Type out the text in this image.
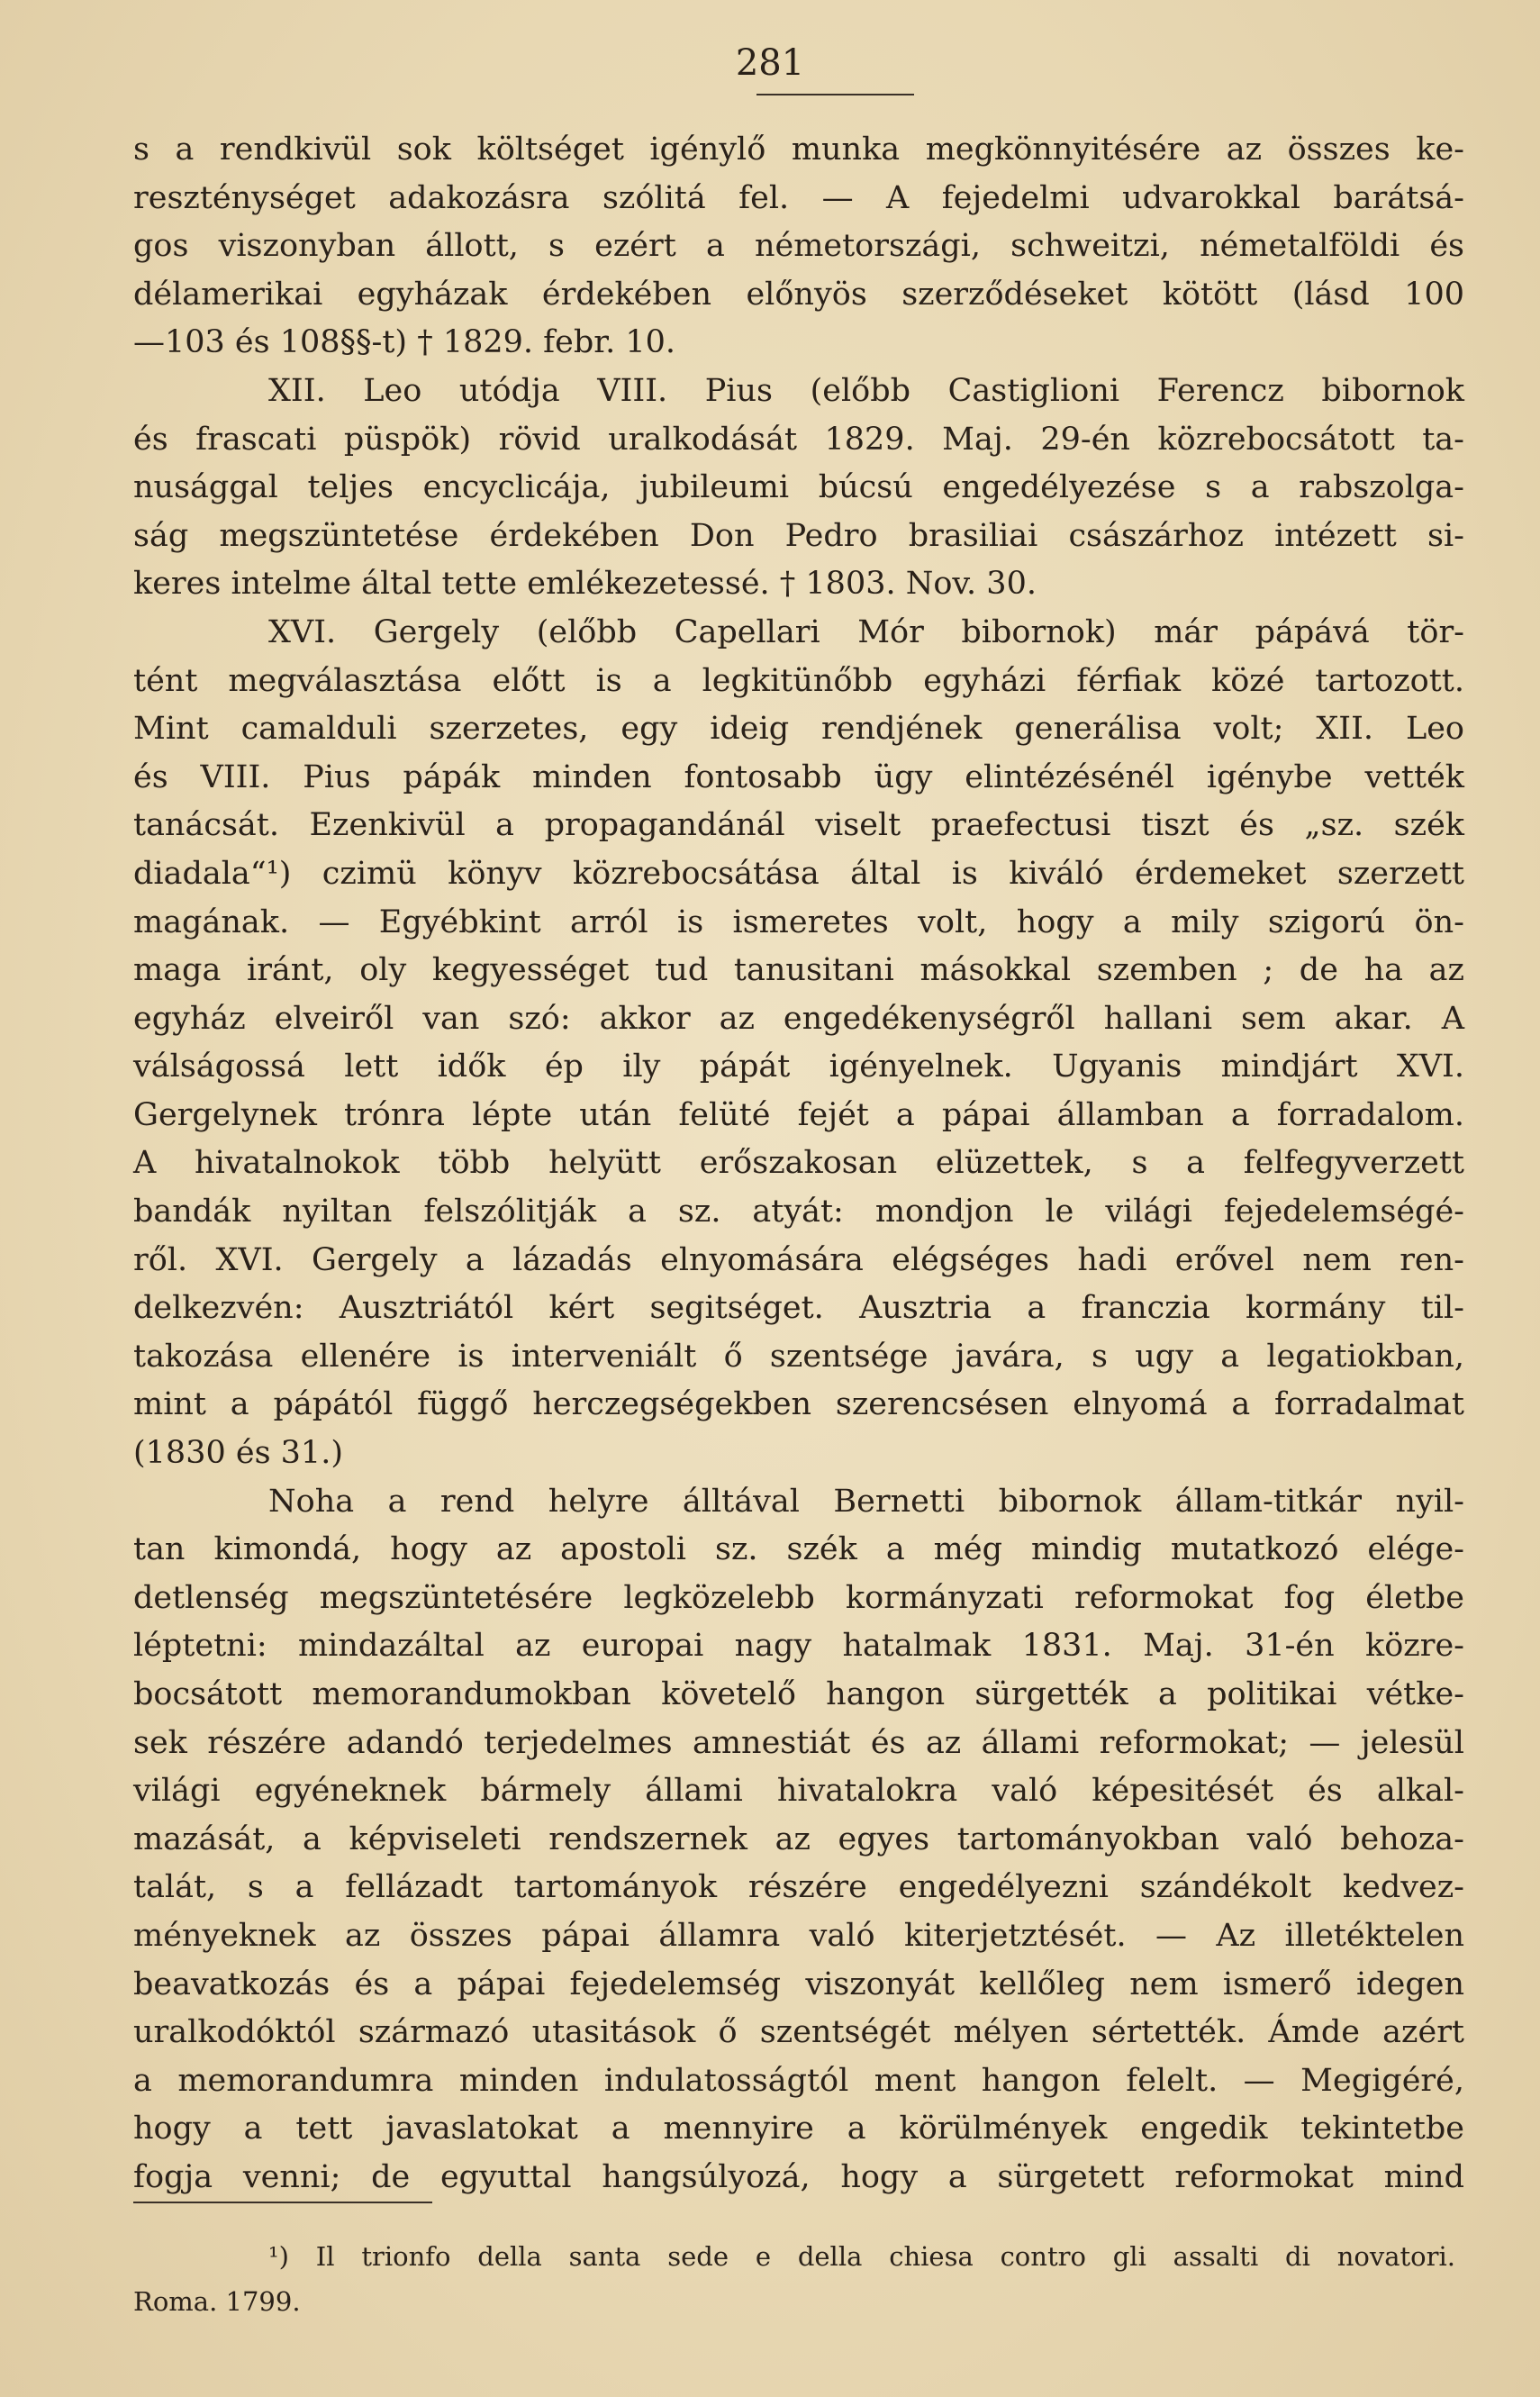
281
s a rendkivül sok költséget igénylő munka megkönnyitésére az összes ke-
reszténységet adakozásra szólitá fel. — A fejedelmi udvarokkal barátsá-
gos viszonyban állott, s ezért a németországi, schweitzi, németalföldi és
délamerikai egyházak érdekében előnyös szerződéseket kötött (lásd 100
—103 és 108§§-t) † 1829. febr. 10.
XII. Leo utódja VIII. Pius (előbb Castiglioni Ferencz bibornok
és frascati püspök) rövid uralkodását 1829. Maj. 29-én közrebocsátott ta-
nusággal teljes encyclicája, jubileumi búcsú engedélyezése s a rabszolga-
ság megszüntetése érdekében Don Pedro brasiliai császárhoz intézett si-
keres intelme által tette emlékezetessé. † 1803. Nov. 30.
XVI. Gergely (előbb Capellari Mór bibornok) már pápává tör-
tént megválasztása előtt is a legkitünőbb egyházi férfiak közé tartozott.
Mint camalduli szerzetes, egy ideig rendjének generálisa volt; XII. Leo
és VIII. Pius pápák minden fontosabb ügy elintézésénél igénybe vették
tanácsát. Ezenkivül a propagandánál viselt praefectusi tiszt és „sz. szék
diadala“¹) czimü könyv közrebocsátása által is kiváló érdemeket szerzett
magának. — Egyébkint arról is ismeretes volt, hogy a mily szigorú ön-
maga iránt, oly kegyességet tud tanusitani másokkal szemben ; de ha az
egyház elveiről van szó: akkor az engedékenységről hallani sem akar. A
válságossá lett idők ép ily pápát igényelnek. Ugyanis mindjárt XVI.
Gergelynek trónra lépte után felüté fejét a pápai államban a forradalom.
A hivatalnokok több helyütt erőszakosan elüzettek, s a felfegyverzett
bandák nyiltan felszólitják a sz. atyát: mondjon le világi fejedelemségé-
ről. XVI. Gergely a lázadás elnyomására elégséges hadi erővel nem ren-
delkezvén: Ausztriától kért segitséget. Ausztria a franczia kormány til-
takozása ellenére is interveniált ő szentsége javára, s ugy a legatiokban,
mint a pápától függő herczegségekben szerencsésen elnyomá a forradalmat
(1830 és 31.)
Noha a rend helyre álltával Bernetti bibornok állam-titkár nyil-
tan kimondá, hogy az apostoli sz. szék a még mindig mutatkozó elége-
detlenség megszüntetésére legközelebb kormányzati reformokat fog életbe
léptetni: mindazáltal az europai nagy hatalmak 1831. Maj. 31-én közre-
bocsátott memorandumokban követelő hangon sürgették a politikai vétke-
sek részére adandó terjedelmes amnestiát és az állami reformokat; — jelesül
világi egyéneknek bármely állami hivatalokra való képesitését és alkal-
mazását, a képviseleti rendszernek az egyes tartományokban való behoza-
talát, s a fellázadt tartományok részére engedélyezni szándékolt kedvez-
ményeknek az összes pápai államra való kiterjetztését. — Az illetéktelen
beavatkozás és a pápai fejedelemség viszonyát kellőleg nem ismerő idegen
uralkodóktól származó utasitások ő szentségét mélyen sértették. Ámde azért
a memorandumra minden indulatosságtól ment hangon felelt. — Megigéré,
hogy a tett javaslatokat a mennyire a körülmények engedik tekintetbe
fogja venni; de egyuttal hangsúlyozá, hogy a sürgetett reformokat mind
¹) Il trionfo della santa sede e della chiesa contro gli assalti di novatori.
Roma. 1799.
